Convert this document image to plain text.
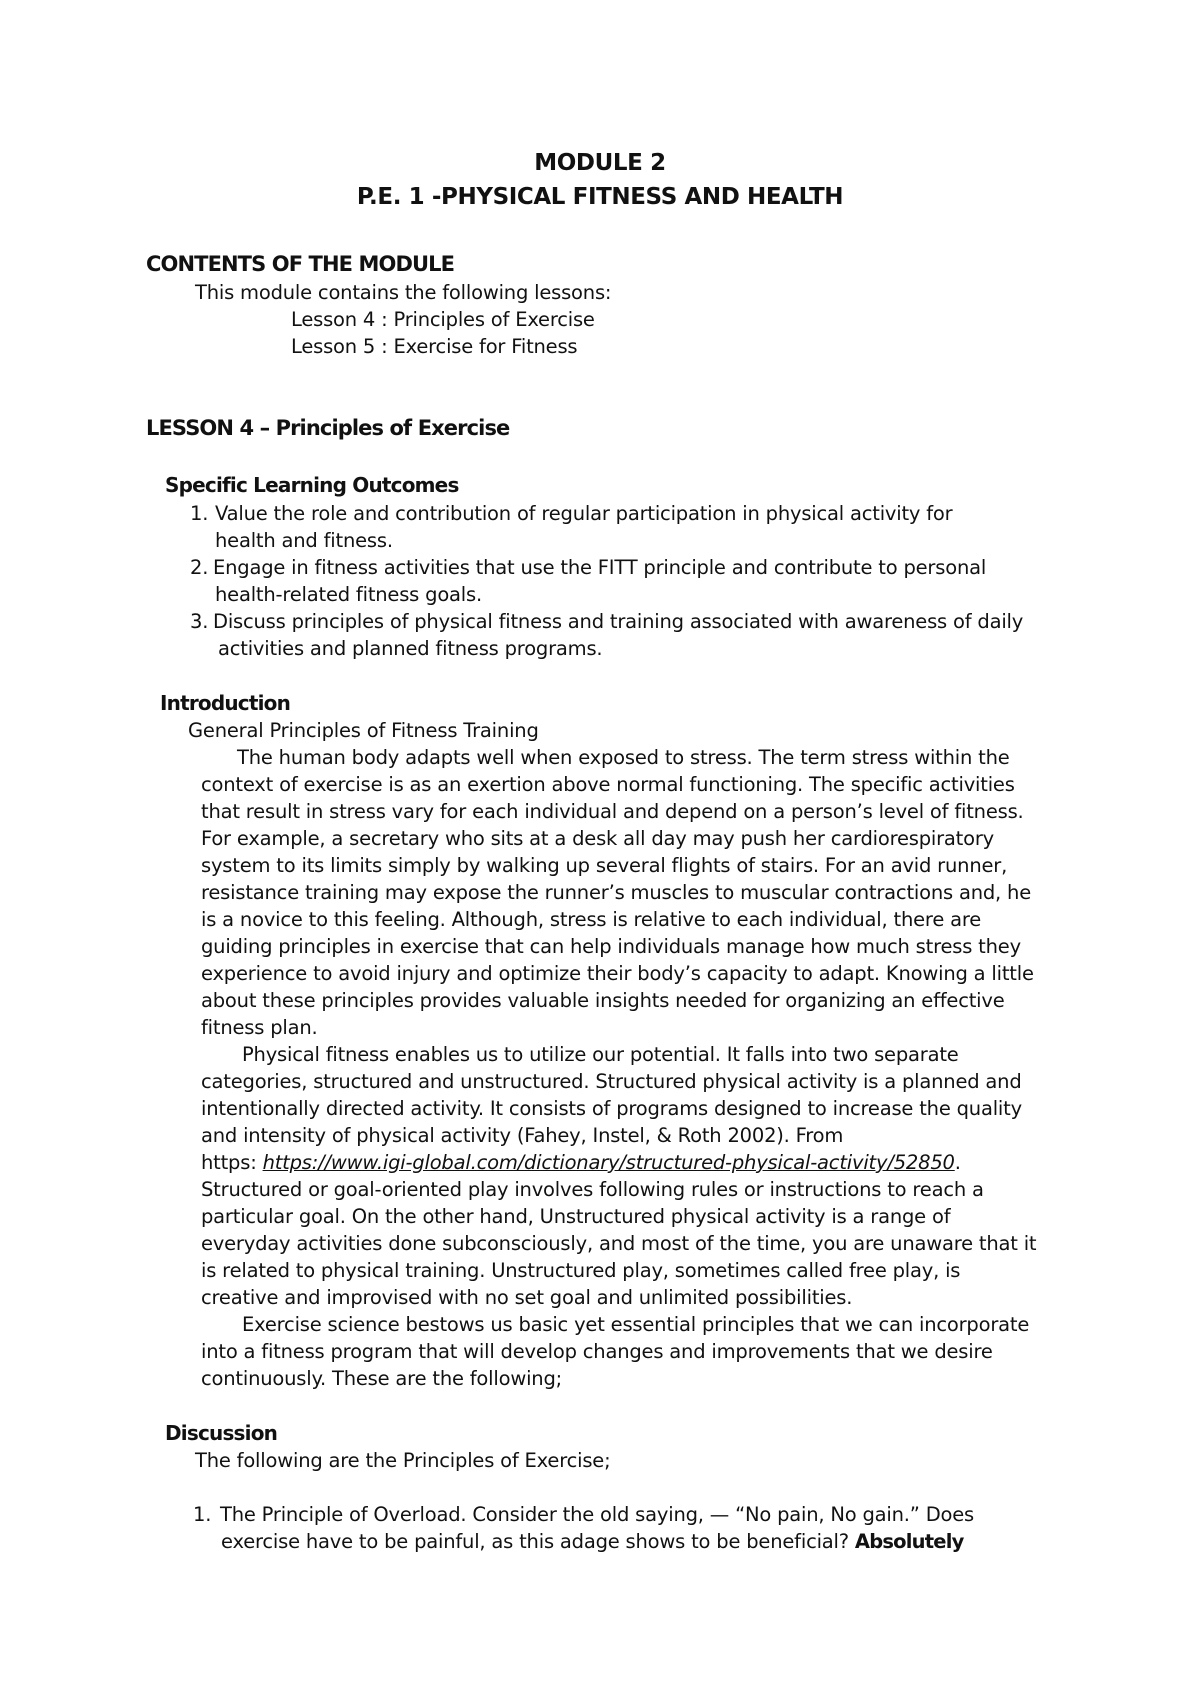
MODULE 2
P.E. 1 -PHYSICAL FITNESS AND HEALTH
CONTENTS OF THE MODULE
This module contains the following lessons:
Lesson 4 : Principles of Exercise
Lesson 5 : Exercise for Fitness
LESSON 4 – Principles of Exercise
Specific Learning Outcomes
1. Value the role and contribution of regular participation in physical activity for
health and fitness.
2. Engage in fitness activities that use the FITT principle and contribute to personal
health-related fitness goals.
3. Discuss principles of physical fitness and training associated with awareness of daily
activities and planned fitness programs.
Introduction
General Principles of Fitness Training
The human body adapts well when exposed to stress. The term stress within the
context of exercise is as an exertion above normal functioning. The specific activities
that result in stress vary for each individual and depend on a person’s level of fitness.
For example, a secretary who sits at a desk all day may push her cardiorespiratory
system to its limits simply by walking up several flights of stairs. For an avid runner,
resistance training may expose the runner’s muscles to muscular contractions and, he
is a novice to this feeling. Although, stress is relative to each individual, there are
guiding principles in exercise that can help individuals manage how much stress they
experience to avoid injury and optimize their body’s capacity to adapt. Knowing a little
about these principles provides valuable insights needed for organizing an effective
fitness plan.
Physical fitness enables us to utilize our potential. It falls into two separate
categories, structured and unstructured. Structured physical activity is a planned and
intentionally directed activity. It consists of programs designed to increase the quality
and intensity of physical activity (Fahey, Instel, & Roth 2002). From
https: https://www.igi-global.com/dictionary/structured-physical-activity/52850.
Structured or goal-oriented play involves following rules or instructions to reach a
particular goal. On the other hand, Unstructured physical activity is a range of
everyday activities done subconsciously, and most of the time, you are unaware that it
is related to physical training. Unstructured play, sometimes called free play, is
creative and improvised with no set goal and unlimited possibilities.
Exercise science bestows us basic yet essential principles that we can incorporate
into a fitness program that will develop changes and improvements that we desire
continuously. These are the following;
Discussion
The following are the Principles of Exercise;
1. The Principle of Overload. Consider the old saying, — “No pain, No gain.” Does
exercise have to be painful, as this adage shows to be beneficial? Absolutely
